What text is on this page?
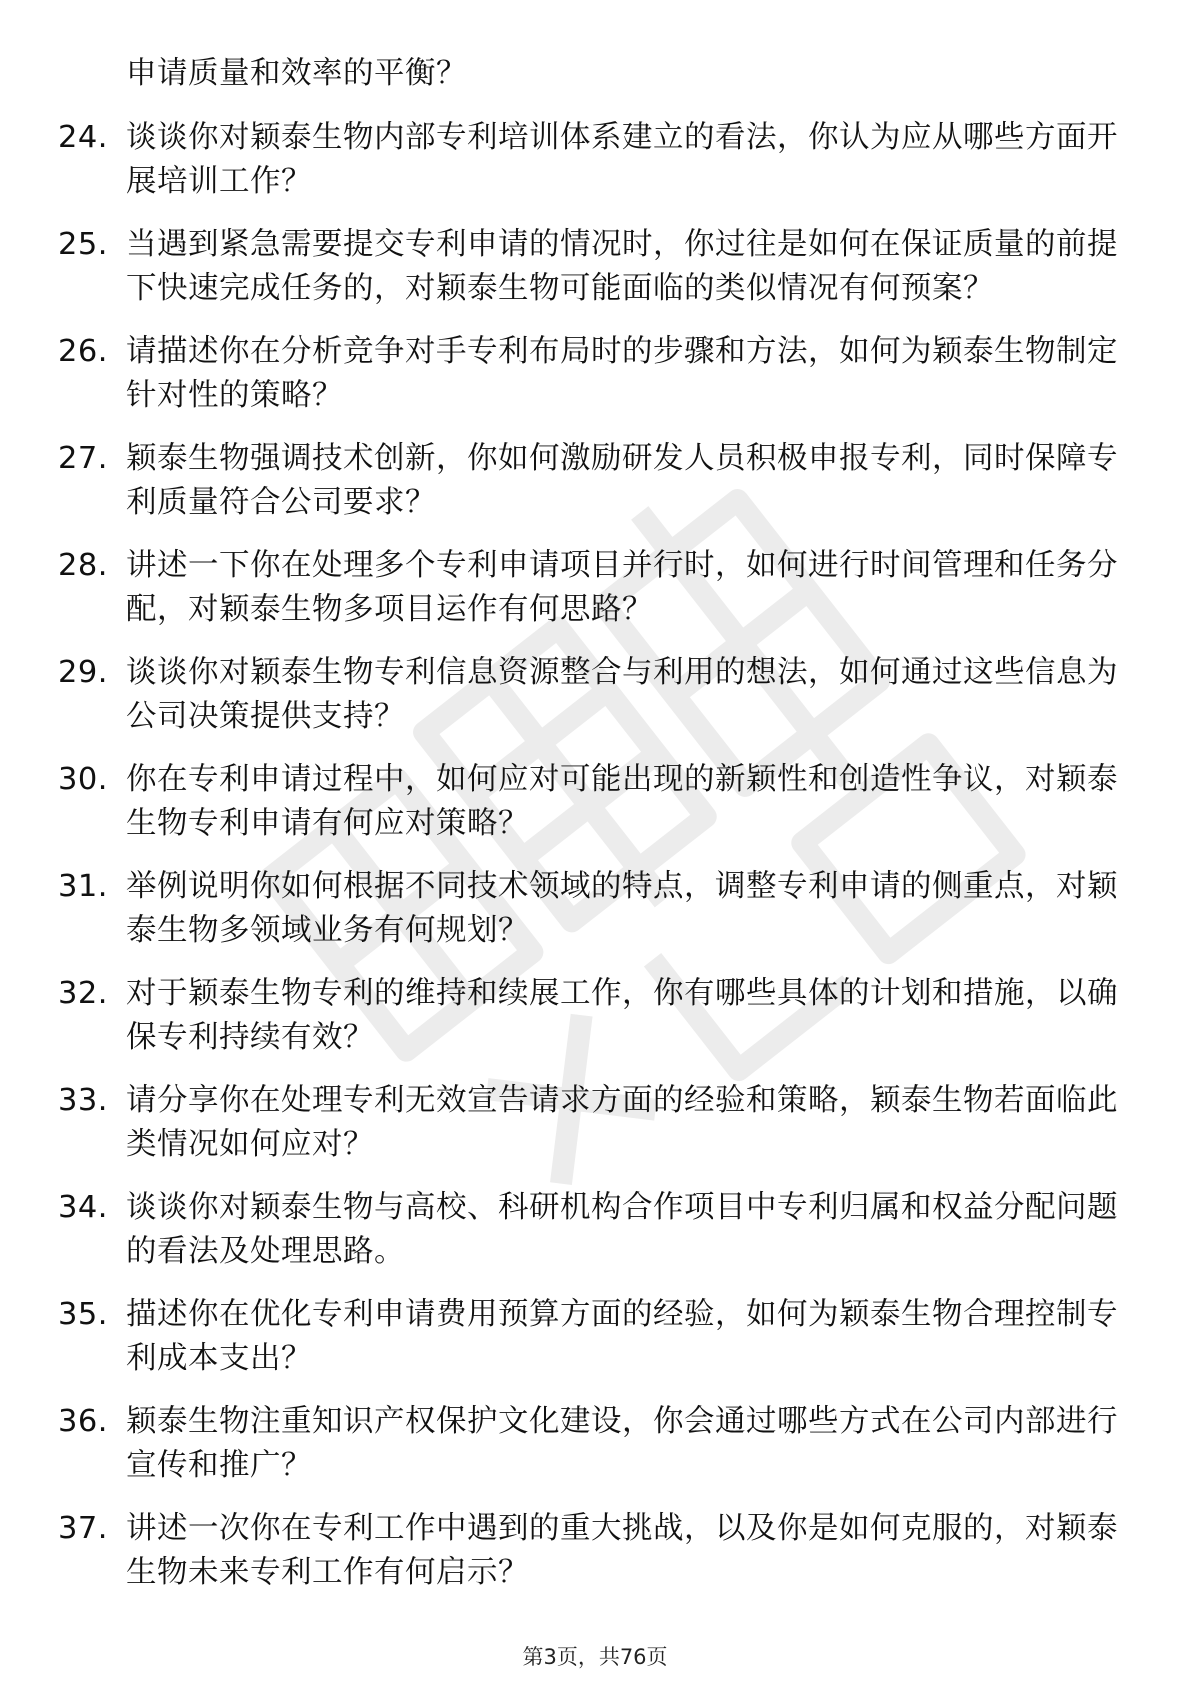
申请质量和效率的平衡？

24. 谈谈你对颖泰生物内部专利培训体系建立的看法，你认为应从哪些方面开展培训工作？
25. 当遇到紧急需要提交专利申请的情况时，你过往是如何在保证质量的前提下快速完成任务的，对颖泰生物可能面临的类似情况有何预案？
26. 请描述你在分析竞争对手专利布局时的步骤和方法，如何为颖泰生物制定针对性的策略？
27. 颖泰生物强调技术创新，你如何激励研发人员积极申报专利，同时保障专利质量符合公司要求？
28. 讲述一下你在处理多个专利申请项目并行时，如何进行时间管理和任务分配，对颖泰生物多项目运作有何思路？
29. 谈谈你对颖泰生物专利信息资源整合与利用的想法，如何通过这些信息为公司决策提供支持？
30. 你在专利申请过程中，如何应对可能出现的新颖性和创造性争议，对颖泰生物专利申请有何应对策略？
31. 举例说明你如何根据不同技术领域的特点，调整专利申请的侧重点，对颖泰生物多领域业务有何规划？
32. 对于颖泰生物专利的维持和续展工作，你有哪些具体的计划和措施，以确保专利持续有效？
33. 请分享你在处理专利无效宣告请求方面的经验和策略，颖泰生物若面临此类情况如何应对？
34. 谈谈你对颖泰生物与高校、科研机构合作项目中专利归属和权益分配问题的看法及处理思路。
35. 描述你在优化专利申请费用预算方面的经验，如何为颖泰生物合理控制专利成本支出？
36. 颖泰生物注重知识产权保护文化建设，你会通过哪些方式在公司内部进行宣传和推广？
37. 讲述一次你在专利工作中遇到的重大挑战，以及你是如何克服的，对颖泰生物未来专利工作有何启示？
第3页，共76页
